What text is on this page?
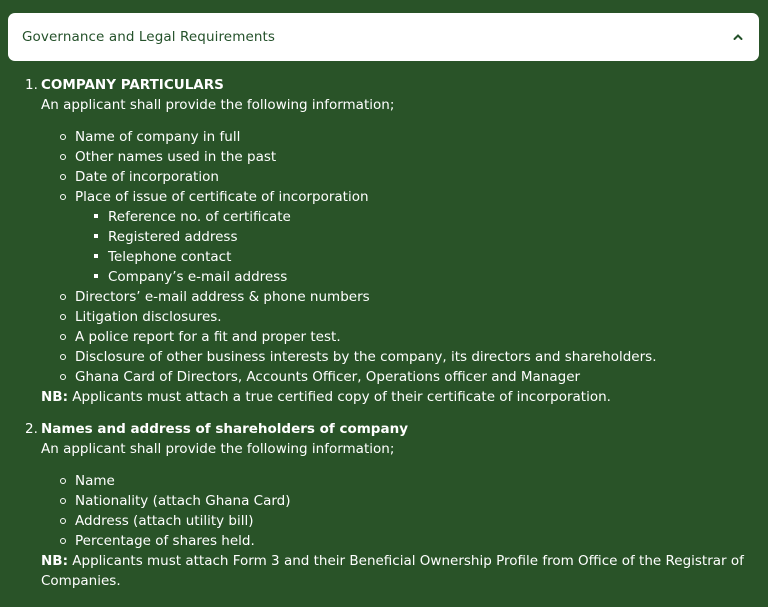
Governance and Legal Requirements
1. COMPANY PARTICULARS
An applicant shall provide the following information;
Name of company in full
Other names used in the past
Date of incorporation
Place of issue of certificate of incorporation
Reference no. of certificate
Registered address
Telephone contact
Company’s e-mail address
Directors’ e-mail address & phone numbers
Litigation disclosures.
A police report for a fit and proper test.
Disclosure of other business interests by the company, its directors and shareholders.
Ghana Card of Directors, Accounts Officer, Operations officer and Manager
NB: Applicants must attach a true certified copy of their certificate of incorporation.
2. Names and address of shareholders of company
An applicant shall provide the following information;
Name
Nationality (attach Ghana Card)
Address (attach utility bill)
Percentage of shares held.
NB: Applicants must attach Form 3 and their Beneficial Ownership Profile from Office of the Registrar of
Companies.
